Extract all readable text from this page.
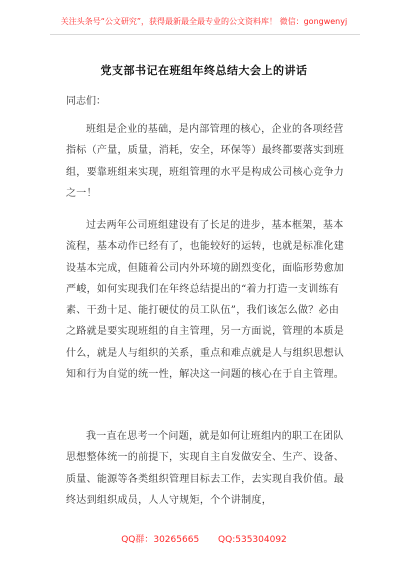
关注头条号“公文研究”，获得最新最全最专业的公文资料库！ 微信：gongwenyj
党支部书记在班组年终总结大会上的讲话
同志们：
班组是企业的基础，是内部管理的核心，企业的各项经营指标（产量，质量，消耗，安全，环保等）最终都要落实到班组，要靠班组来实现，班组管理的水平是构成公司核心竞争力之一！
过去两年公司班组建设有了长足的进步，基本框架，基本流程，基本动作已经有了，也能较好的运转，也就是标准化建设基本完成，但随着公司内外环境的剧烈变化，面临形势愈加严峻，如何实现我们在年终总结提出的“着力打造一支训练有素、干劲十足、能打硬仗的员工队伍”，我们该怎么做？必由之路就是要实现班组的自主管理，另一方面说，管理的本质是什么，就是人与组织的关系，重点和难点就是人与组织思想认知和行为自觉的统一性，解决这一问题的核心在于自主管理。
我一直在思考一个问题，就是如何让班组内的职工在团队思想整体统一的前提下，实现自主自发做安全、生产、设备、质量、能源等各类组织管理目标去工作，去实现自我价值。最终达到组织成员，人人守规矩，个个讲制度，
QQ群：30265665 QQ:535304092
